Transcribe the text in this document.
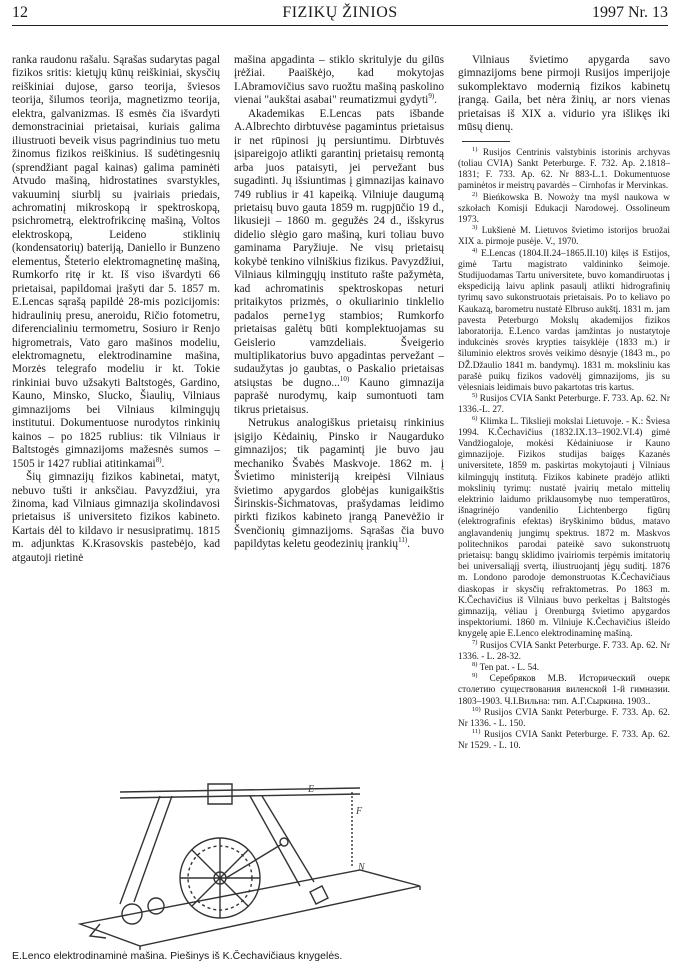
12	FIZIKŲ ŽINIOS	1997 Nr. 13

ranka raudonu rašalu. Sąrašas sudarytas pagal fizikos sritis: kietųjų kūnų reiškiniai, skysčių reiškiniai dujose, garso teorija, šviesos teorija, šilumos teorija, magnetizmo teorija, elektra, galvanizmas. Iš esmės čia išvardyti demonstraciniai prietaisai, kuriais galima iliustruoti beveik visus pagrindinius tuo metu žinomus fizikos reiškinius. Iš sudėtingesnių (sprendžiant pagal kainas) galima paminėti Atvudo mašiną, hidrostatines svarstykles, vakuuminį siurblį su įvairiais priedais, achromatinį mikroskopą ir spektroskopą, psichrometrą, elektrofrikcinę mašiną, Voltos elektroskopą, Leideno stiklinių (kondensatorių) bateriją, Daniello ir Bunzeno elementus, Šteterio elektromagnetinę mašiną, Rumkorfo ritę ir kt. Iš viso išvardyti 66 prietaisai, papildomai įrašyti dar 5. 1857 m. E.Lencas sąrašą papildė 28-mis pozicijomis: hidraulinių presu, aneroidu, Ričio fotometru, diferencialiniu termometru, Sosiuro ir Renjo higrometrais, Vato garo mašinos modeliu, elektromagnetu, elektrodinamine mašina, Morzės telegrafo modeliu ir kt. Tokie rinkiniai buvo užsakyti Baltstogės, Gardino, Kauno, Minsko, Slucko, Šiaulių, Vilniaus gimnazijoms bei Vilniaus kilmingųjų institutui. Dokumentuose nurodytos rinkinių kainos – po 1825 rublius: tik Vilniaus ir Baltstogės gimnazijoms mažesnės sumos – 1505 ir 1427 rubliai atitinkamai$^{8)}$.

Šių gimnazijų fizikos kabinetai, matyt, nebuvo tušti ir anksčiau. Pavyzdžiui, yra žinoma, kad Vilniaus gimnazija skolindavosi prietaisus iš universiteto fizikos kabineto. Kartais dėl to kildavo ir nesusipratimų. 1815 m. adjunktas K.Krasovskis pastebėjo, kad atgautoji rietinė

mašina apgadinta – stiklo skritulyje du gilūs įrėžiai. Paaiškėjo, kad mokytojas I.Abramovičius savo ruožtu mašiną paskolino vienai "aukštai asabai" reumatizmui gydyti$^{9)}$.

Akademikas E.Lencas pats išbande A.Albrechto dirbtuvėse pagamintus prietaisus ir net rūpinosi jų persiuntimu. Dirbtuvės įsipareigojo atlikti garantinį prietaisų remontą arba juos pataisyti, jei pervežant bus sugadinti. Jų išsiuntimas į gimnazijas kainavo 749 rublius ir 41 kapeiką. Vilniuje daugumą prietaisų buvo gauta 1859 m. rugpjūčio 19 d., likusieji – 1860 m. gegužės 24 d., išskyrus didelio slėgio garo mašiną, kuri toliau buvo gaminama Paryžiuje. Ne visų prietaisų kokybė tenkino vilniškius fizikus. Pavyzdžiui, Vilniaus kilmingųjų instituto rašte pažymėta, kad achromatinis spektroskopas neturi pritaikytos prizmės, o okuliarinio tinklelio padalos perne1yg stambios; Rumkorfo prietaisas galėtų būti komplektuojamas su Geislerio vamzdeliais. Šveigerio multiplikatorius buvo apgadintas pervežant – sudaužytas jo gaubtas, o Paskalio prietaisas atsiųstas be dugno...$^{10)}$ Kauno gimnazija paprašė nurodymų, kaip sumontuoti tam tikrus prietaisus.

Netrukus analogiškus prietaisų rinkinius įsigijo Kėdainių, Pinsko ir Naugarduko gimnazijos; tik pagamintį jie buvo jau mechaniko Švabės Maskvoje. 1862 m. į Švietimo ministeriją kreipėsi Vilniaus švietimo apygardos globėjas kunigaikštis Širinskis-Šichmatovas, prašydamas leidimo pirkti fizikos kabineto įrangą Panevėžio ir Švenčionių gimnazijoms. Sąrašas čia buvo papildytas keletu geodezinių įrankių$^{11)}$.

Vilniaus švietimo apygarda savo gimnazijoms bene pirmoji Rusijos imperijoje sukomplektavo modernią fizikos kabinetų įrangą. Gaila, bet nėra žinių, ar nors vienas prietaisas iš XIX a. vidurio yra išlikęs iki mūsų dienų.

$^{1)}$ Rusijos Centrinis valstybinis istorinis archyvas (toliau CVIA) Sankt Peterburge. F. 732. Ap. 2.1818–1831; F. 733. Ap. 62. Nr 883-L.1. Dokumentuose paminėtos ir meistrų pavardės – Cirnhofas ir Mervinkas.

$^{2)}$ Bieńkowska B. Nowoży tna myśl naukowa w szkołach Komisji Edukacji Narodowej. Ossolineum 1973.

$^{3)}$ Lukšienė M. Lietuvos švietimo istorijos bruožai XIX a. pirmoje pusėje. V., 1970.

$^{4)}$ E.Lencas (1804.II.24–1865.II.10) kilęs iš Estijos, gimė Tartu magistrato valdininko šeimoje. Studijuodamas Tartu universitete, buvo komandiruotas į ekspediciją laivu aplink pasaulį atlikti hidrografinių tyrimų savo sukonstruotais prietaisais. Po to keliavo po Kaukazą, barometru nustatė Elbruso aukštį. 1831 m. jam pavesta Peterburgo Mokslų akademijos fizikos laboratorija. E.Lenco vardas įamžintas jo nustatytoje indukcinės srovės krypties taisyklėje (1833 m.) ir šiluminio elektros srovės veikimo dėsnyje (1843 m., po DŽ.Džaulio 1841 m. bandymų). 1831 m. moksliniu kas parašė puikų fizikos vadovėlį gimnazijoms, jis su vėlesniais leidimais buvo pakartotas tris kartus.

$^{5)}$ Rusijos CVIA Sankt Peterburge. F. 733. Ap. 62. Nr 1336.-L. 27.

$^{6)}$ Klimka L. Tikslieji mokslai Lietuvoje. - K.: Šviesa 1994. K.Čechavičius (1832.IX.13–1902.VI.4) gimė Vandžiogaloje, mokėsi Kėdainiuose ir Kauno gimnazijoje. Fizikos studijas baigęs Kazanės universitete, 1859 m. paskirtas mokytojauti į Vilniaus kilmingųjų institutą. Fizikos kabinete pradėjo atlikti mokslinių tyrimų: nustatė įvairių metalo mittelių elektrinio laidumo priklausomybę nuo temperatūros, išnagrinėjo vandenilio Lichtenbergo figūrų (elektrografinis efektas) išryškinimo būdus, matavo anglavandenių jungimų spektrus. 1872 m. Maskvos politechnikos parodai pateikė savo sukonstruotų prietaisų: bangų sklidimo įvairiomis terpėmis imitatorių bei universaliąjį svertą, iliustruojantį jėgų suditį. 1876 m. Londono parodoje demonstruotas K.Čechavičiaus diaskopas ir skysčių refraktometras. Po 1863 m. K.Čechavičius iš Vilniaus buvo perkeltas į Baltstogės gimnaziją, vėliau į Orenburgą švietimo apygardos inspektoriumi. 1860 m. Vilniuje K.Čechavičius išleido knygelę apie E.Lenco elektrodinaminę mašiną.

$^{7)}$ Rusijos CVIA Sankt Peterburge. F. 733. Ap. 62. Nr 1336. - L. 28-32.

$^{8)}$ Ten pat. - L. 54.

$^{9)}$ Серебряков М.В. Исторический очерк столетию существования виленской 1-й гимназии. 1803–1903. Ч.I.Вильна: тип. А.Г.Сыркина. 1903..

$^{10)}$ Rusijos CVIA Sankt Peterburge. F. 733. Ap. 62. Nr 1336. - L. 150.

$^{11)}$ Rusijos CVIA Sankt Peterburge. F. 733. Ap. 62. Nr 1529. - L. 10.

E
F
N
E.Lenco elektrodinaminė mašina. Piešinys iš K.Čechavičiaus knygelės.
